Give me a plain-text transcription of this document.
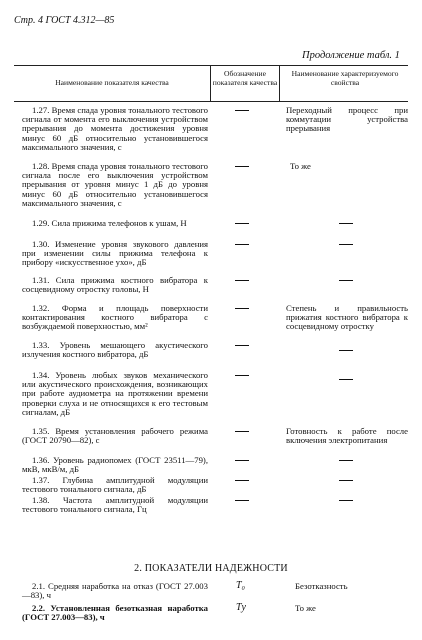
Стр. 4 ГОСТ 4.312—85
Продолжение табл. 1
Наименование показателя качества
Обозначение показателя качества
Наименование характеризуемого свойства
1.27. Время спада уровня тонального тестового сигнала от момента его выключения устройством прерывания до момента достижения уровня минус 60 дБ относительно установившегося максимального значения, с
Переходный процесс при коммутации устройства прерывания
1.28. Время спада уровня тонального тестового сигнала после его выключения устройством прерывания от уровня минус 1 дБ до уровня минус 60 дБ относительно установившегося максимального значения, с
То же
1.29. Сила прижима телефонов к ушам, Н
1.30. Изменение уровня звукового давления при изменении силы прижима телефона к прибору «искусственное ухо», дБ
1.31. Сила прижима костного вибратора к сосцевидному отростку головы, Н
1.32. Форма и площадь поверхности контактирования костного вибратора с возбуждаемой поверхностью, мм²
Степень и правильность прижатия костного вибратора к сосцевидному отростку
1.33. Уровень мешающего акустического излучения костного вибратора, дБ
1.34. Уровень любых звуков механического или акустического происхождения, возникающих при работе аудиометра на протяжении времени проверки слуха и не относящихся к его тестовым сигналам, дБ
1.35. Время установления рабочего режима (ГОСТ 20790—82), с
Готовность к работе после включения электропитания
1.36. Уровень радиопомех (ГОСТ 23511—79), мкВ, мкВ/м, дБ
1.37. Глубина амплитудной модуляции тестового тонального сигнала, дБ
1.38. Частота амплитудной модуляции тестового тонального сигнала, Гц
2. ПОКАЗАТЕЛИ НАДЕЖНОСТИ
2.1. Средняя наработка на отказ (ГОСТ 27.003—83), ч
T₀	Безотказность
2.2. Установленная безотказная наработка (ГОСТ 27.003—83), ч
Tу	То же
